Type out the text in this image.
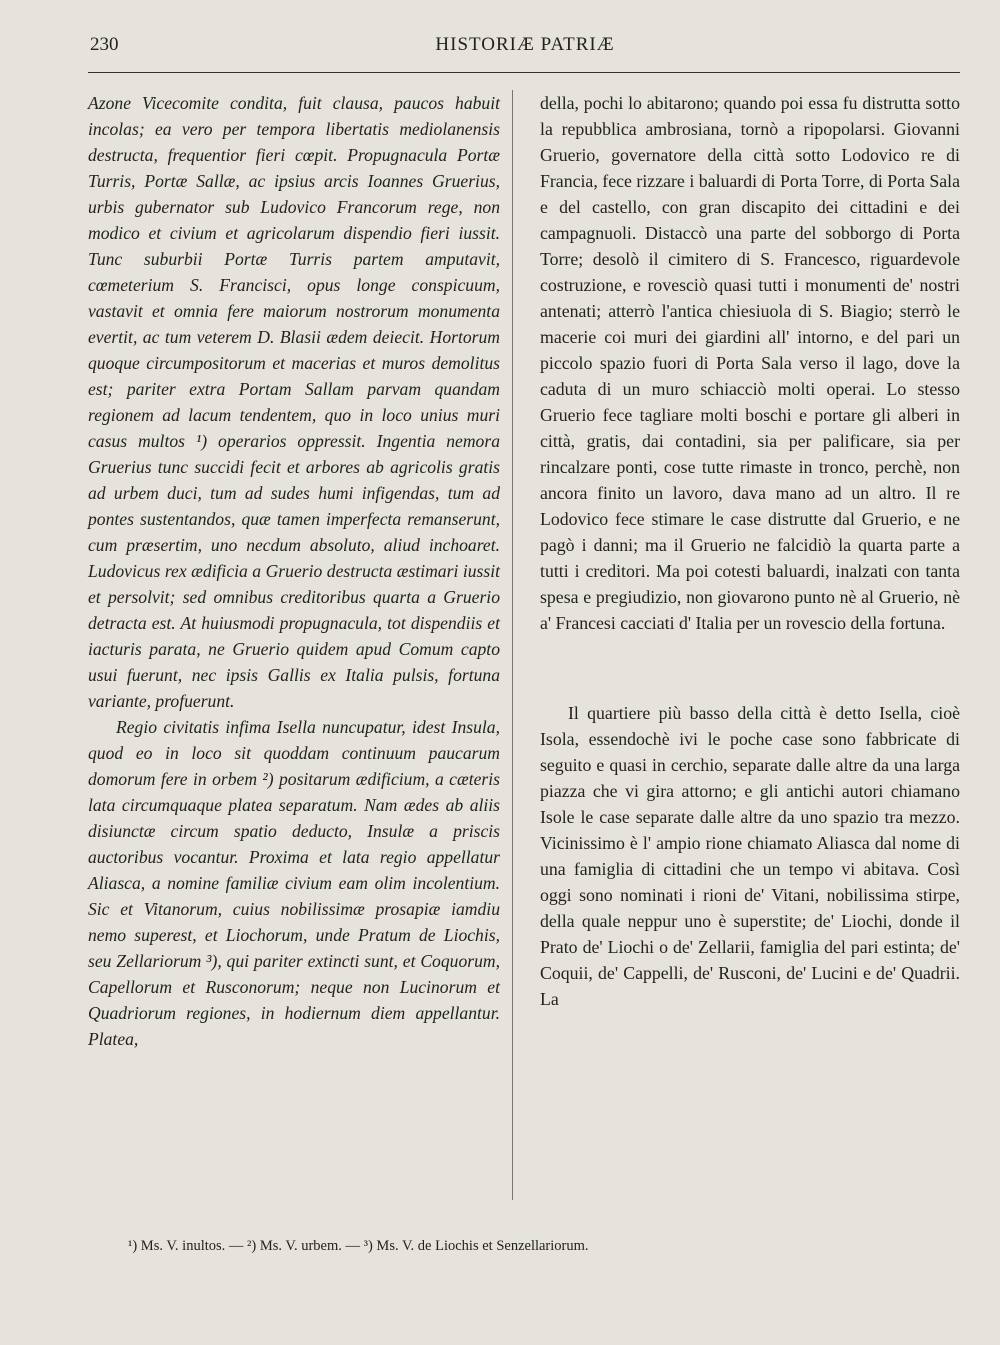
230	HISTORIÆ PATRIÆ

Azone Vicecomite condita, fuit clausa, paucos habuit incolas; ea vero per tempora libertatis mediolanensis destructa, frequentior fieri cœpit. Propugnacula Portæ Turris, Portæ Sallæ, ac ipsius arcis Ioannes Gruerius, urbis gubernator sub Ludovico Francorum rege, non modico et civium et agricolarum dispendio fieri iussit. Tunc suburbii Portæ Turris partem amputavit, cœmeterium S. Francisci, opus longe conspicuum, vastavit et omnia fere maiorum nostrorum monumenta evertit, ac tum veterem D. Blasii ædem deiecit. Hortorum quoque circumpositorum et macerias et muros demolitus est; pariter extra Portam Sallam parvam quandam regionem ad lacum tendentem, quo in loco unius muri casus multos ¹) operarios oppressit. Ingentia nemora Gruerius tunc succidi fecit et arbores ab agricolis gratis ad urbem duci, tum ad sudes humi infigendas, tum ad pontes sustentandos, quæ tamen imperfecta remanserunt, cum præsertim, uno necdum absoluto, aliud inchoaret. Ludovicus rex ædificia a Gruerio destructa æstimari iussit et persolvit; sed omnibus creditoribus quarta a Gruerio detracta est. At huiusmodi propugnacula, tot dispendiis et iacturis parata, ne Gruerio quidem apud Comum capto usui fuerunt, nec ipsis Gallis ex Italia pulsis, fortuna variante, profuerunt.

Regio civitatis infima Isella nuncupatur, idest Insula, quod eo in loco sit quoddam continuum paucarum domorum fere in orbem ²) positarum ædificium, a cæteris lata circumquaque platea separatum. Nam ædes ab aliis disiunctæ circum spatio deducto, Insulæ a priscis auctoribus vocantur. Proxima et lata regio appellatur Aliasca, a nomine familiæ civium eam olim incolentium. Sic et Vitanorum, cuius nobilissimæ prosapiæ iamdiu nemo superest, et Liochorum, unde Pratum de Liochis, seu Zellariorum ³), qui pariter extincti sunt, et Coquorum, Capellorum et Rusconorum; neque non Lucinorum et Quadriorum regiones, in hodiernum diem appellantur. Platea,

della, pochi lo abitarono; quando poi essa fu distrutta sotto la repubblica ambrosiana, tornò a ripopolarsi. Giovanni Gruerio, governatore della città sotto Lodovico re di Francia, fece rizzare i baluardi di Porta Torre, di Porta Sala e del castello, con gran discapito dei cittadini e dei campagnuoli. Distaccò una parte del sobborgo di Porta Torre; desolò il cimitero di S. Francesco, riguardevole costruzione, e rovesciò quasi tutti i monumenti de' nostri antenati; atterrò l'antica chiesiuola di S. Biagio; sterrò le macerie coi muri dei giardini all' intorno, e del pari un piccolo spazio fuori di Porta Sala verso il lago, dove la caduta di un muro schiacciò molti operai. Lo stesso Gruerio fece tagliare molti boschi e portare gli alberi in città, gratis, dai contadini, sia per palificare, sia per rincalzare ponti, cose tutte rimaste in tronco, perchè, non ancora finito un lavoro, dava mano ad un altro. Il re Lodovico fece stimare le case distrutte dal Gruerio, e ne pagò i danni; ma il Gruerio ne falcidiò la quarta parte a tutti i creditori. Ma poi cotesti baluardi, inalzati con tanta spesa e pregiudizio, non giovarono punto nè al Gruerio, nè a' Francesi cacciati d' Italia per un rovescio della fortuna.

Il quartiere più basso della città è detto Isella, cioè Isola, essendochè ivi le poche case sono fabbricate di seguito e quasi in cerchio, separate dalle altre da una larga piazza che vi gira attorno; e gli antichi autori chiamano Isole le case separate dalle altre da uno spazio tra mezzo. Vicinissimo è l' ampio rione chiamato Aliasca dal nome di una famiglia di cittadini che un tempo vi abitava. Così oggi sono nominati i rioni de' Vitani, nobilissima stirpe, della quale neppur uno è superstite; de' Liochi, donde il Prato de' Liochi o de' Zellarii, famiglia del pari estinta; de' Coquii, de' Cappelli, de' Rusconi, de' Lucini e de' Quadrii. La

¹) Ms. V. inultos. — ²) Ms. V. urbem. — ³) Ms. V. de Liochis et Senzellariorum.
